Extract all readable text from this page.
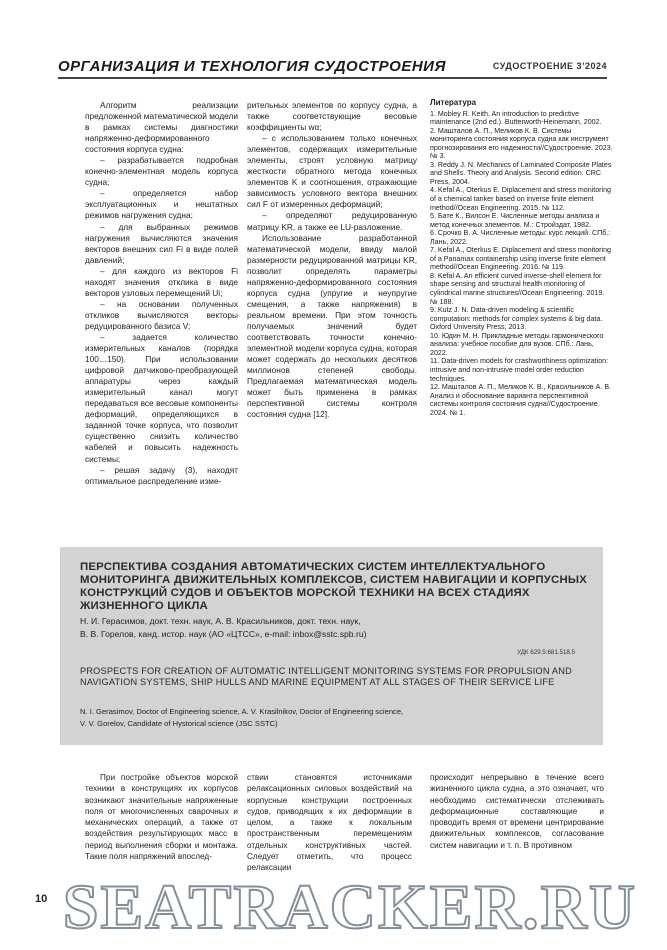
ОРГАНИЗАЦИЯ И ТЕХНОЛОГИЯ СУДОСТРОЕНИЯ	СУДОСТРОЕНИЕ 3’2024

Алгоритм реализации предложенной математической модели в рамках системы диагностики напряженно-деформированного состояния корпуса судна:

– разрабатывается подробная конечно-элементная модель корпуса судна;

– определяется набор эксплуатационных и нештатных режимов нагружения судна;

– для выбранных режимов нагружения вычисляются значения векторов внешних сил Fi в виде полей давлений;

– для каждого из векторов Fi находят значения отклика в виде векторов узловых перемещений Ui;

– на основании полученных откликов вычисляются векторы редуцированного базиса V;

– задается количество измерительных каналов (порядка 100…150). При использовании цифровой датчиково-преобразующей аппаратуры через каждый измерительный канал могут передаваться все весовые компоненты деформаций, определяющихся в заданной точке корпуса, что позволит существенно снизить количество кабелей и повысить надежность системы;

– решая задачу (3), находят оптимальное распределение изме-

рительных элементов по корпусу судна, а также соответствующие весовые коэффициенты wα;

– с использованием только конечных элементов, содержащих измерительные элементы, строят условную матрицу жесткости обратного метода конечных элементов K и соотношения, отражающие зависимость условного вектора внешних сил F от измеренных деформаций;

– определяют редуцированную матрицу KR, а также ее LU-разложение.

Использование разработанной математической модели, ввиду малой размерности редуцированной матрицы KR, позволит определять параметры напряженно-деформированного состояния корпуса судна (упругие и неупругие смещения, а также напряжения) в реальном времени. При этом точность получаемых значений будет соответствовать точности конечно-элементной модели корпуса судна, которая может содержать до нескольких десятков миллионов степеней свободы. Предлагаемая математическая модель может быть применена в рамках перспективной системы контроля состояния судна [12].

Литература
1. Mobley R. Keith. An introduction to predictive maintenance (2nd ed.). Butterworth-Heinemann, 2002.
2. Машталов А. П., Меликов К. В. Системы мониторинга состояния корпуса судна как инструмент прогнозирования его надежности//Судостроение. 2023. № 3.
3. Reddy J. N. Mechanics of Laminated Composite Plates and Shells. Theory and Analysis. Second edition. CRC Press, 2004.
4. Kefal A., Oterkus E. Diplacement and stress monitoring of a chemical tanker based on inverse finite element method//Ocean Engineering. 2015. № 112.
5. Бате К., Вилсон Е. Численные методы анализа и метод конечных элементов. М.: Стройздат, 1982.
6. Срочко В. А. Численные методы: курс лекций. СПб.: Лань, 2022.
7. Kefal A., Oterkus E. Diplacement and stress monitoring of a Panamax containership using inverse finite element method//Ocean Engineering. 2016. № 119.
8. Kefal A. An efficient curved inverse-shell element for shape sensing and structural health monitoring of cylindrical marine structures//Ocean Engineering. 2019. № 188.
9. Kutz J. N. Data-driven modeling & scientific computation: methods for complex systems & big data. Oxford University Press, 2013.
10. Юдин М. Н. Прикладные методы гармонического анализа: учебное пособие для вузов. СПб.: Лань, 2022.
11. Data-driven models for crashworthiness optimization: intrusive and non-intrusive model order reduction techniques.
12. Машталов А. П., Меликов К. В., Красильников А. В. Анализ и обоснование варианта перспективной системы контроля состояния судна//Судостроение. 2024. № 1.
ПЕРСПЕКТИВА СОЗДАНИЯ АВТОМАТИЧЕСКИХ СИСТЕМ ИНТЕЛЛЕКТУАЛЬНОГО МОНИТОРИНГА ДВИЖИТЕЛЬНЫХ КОМПЛЕКСОВ, СИСТЕМ НАВИГАЦИИ И КОРПУСНЫХ КОНСТРУКЦИЙ СУДОВ И ОБЪЕКТОВ МОРСКОЙ ТЕХНИКИ НА ВСЕХ СТАДИЯХ ЖИЗНЕННОГО ЦИКЛА
Н. И. Герасимов, докт. техн. наук, А. В. Красильников, докт. техн. наук,
В. В. Горелов, канд. истор. наук (АО «ЦТСС», e-mail: inbox@sstc.spb.ru)
УДК 629.5:681.518.5
PROSPECTS FOR CREATION OF AUTOMATIC INTELLIGENT MONITORING SYSTEMS FOR PROPULSION AND NAVIGATION SYSTEMS, SHIP HULLS AND MARINE EQUIPMENT AT ALL STAGES OF THEIR SERVICE LIFE
N. I. Gerasimov, Doctor of Engineering science, A. V. Krasilnikov, Doctor of Engineering science,
V. V. Gorelov, Candidate of Hystorical science (JSC SSTC)

При постройке объектов морской техники в конструкциях их корпусов возникают значительные напряженные поля от многочисленных сварочных и механических операций, а также от воздействия результирующих масс в период выполнения сборки и монтажа. Такие поля напряжений впослед-

ствии становятся источниками релаксационных силовых воздействий на корпусные конструкции построенных судов, приводящих к их деформации в целом, а также к локальным пространственным перемещениям отдельных конструктивных частей. Следует отметить, что процесс релаксации

происходит непрерывно в течение всего жизненного цикла судна, а это означает, что необходимо систематически отслеживать деформационные составляющие и проводить время от времени центрирование движительных комплексов, согласование систем навигации и т. п. В противном

10 SEATRACKER.RU
